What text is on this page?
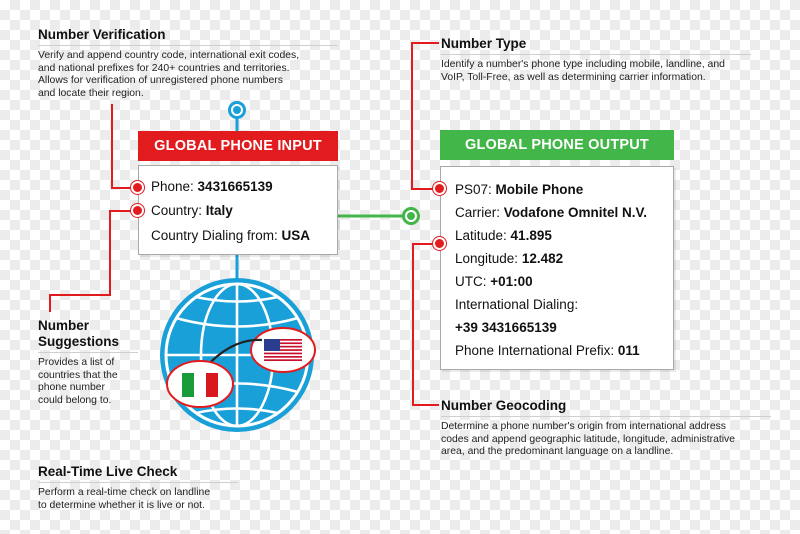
Number Verification
Verify and append country code, international exit codes,
and national prefixes for 240+ countries and territories.
Allows for verification of unregistered phone numbers
and locate their region.
Number Type
Identify a number's phone type including mobile, landline, and
VoIP, Toll-Free, as well as determining carrier information.
Number
Suggestions
Provides a list of
countries that the
phone number
could belong to.
Real-Time Live Check
Perform a real-time check on landline
to determine whether it is live or not.
Number Geocoding
Determine a phone number's origin from international address
codes and append geographic latitude, longitude, administrative
area, and the predominant language on a landline.
GLOBAL PHONE INPUT
Phone: 3431665139
Country: Italy
Country Dialing from: USA
GLOBAL PHONE OUTPUT
PS07: Mobile Phone
Carrier: Vodafone Omnitel N.V.
Latitude: 41.895
Longitude: 12.482
UTC: +01:00
International Dialing:
+39 3431665139
Phone International Prefix: 011
